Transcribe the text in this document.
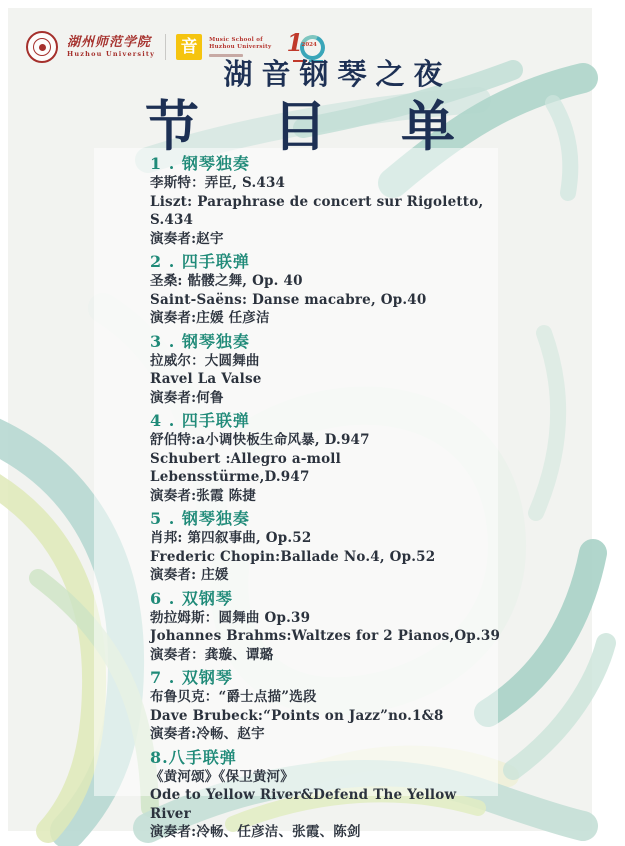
湖州师范学院
Huzhou University 音 Music School of
Huzhou University 1
2024
湖音钢琴之夜
节目单
1 . 钢琴独奏
李斯特：弄臣, S.434
Liszt: Paraphrase de concert sur Rigoletto, S.434
演奏者:赵宇
2 . 四手联弹
圣桑: 骷髅之舞, Op. 40
Saint-Saëns: Danse macabre, Op.40
演奏者:庄媛 任彦洁
3 . 钢琴独奏
拉威尔：大圆舞曲
Ravel La Valse
演奏者:何鲁
4 . 四手联弹
舒伯特:a小调快板生命风暴, D.947
Schubert :Allegro a-moll Lebensstürme,D.947
演奏者:张霞 陈捷
5 . 钢琴独奏
肖邦: 第四叙事曲, Op.52
Frederic Chopin:Ballade No.4, Op.52
演奏者: 庄媛
6 . 双钢琴
勃拉姆斯：圆舞曲 Op.39
Johannes Brahms:Waltzes for 2 Pianos,Op.39
演奏者：龚璇、谭璐
7 . 双钢琴
布鲁贝克：“爵士点描”选段
Dave Brubeck:“Points on Jazz”no.1&8
演奏者:冷畅、赵宇
8.八手联弹
《黄河颂》《保卫黄河》
Ode to Yellow River&Defend The Yellow River
演奏者:冷畅、任彦洁、张霞、陈剑
